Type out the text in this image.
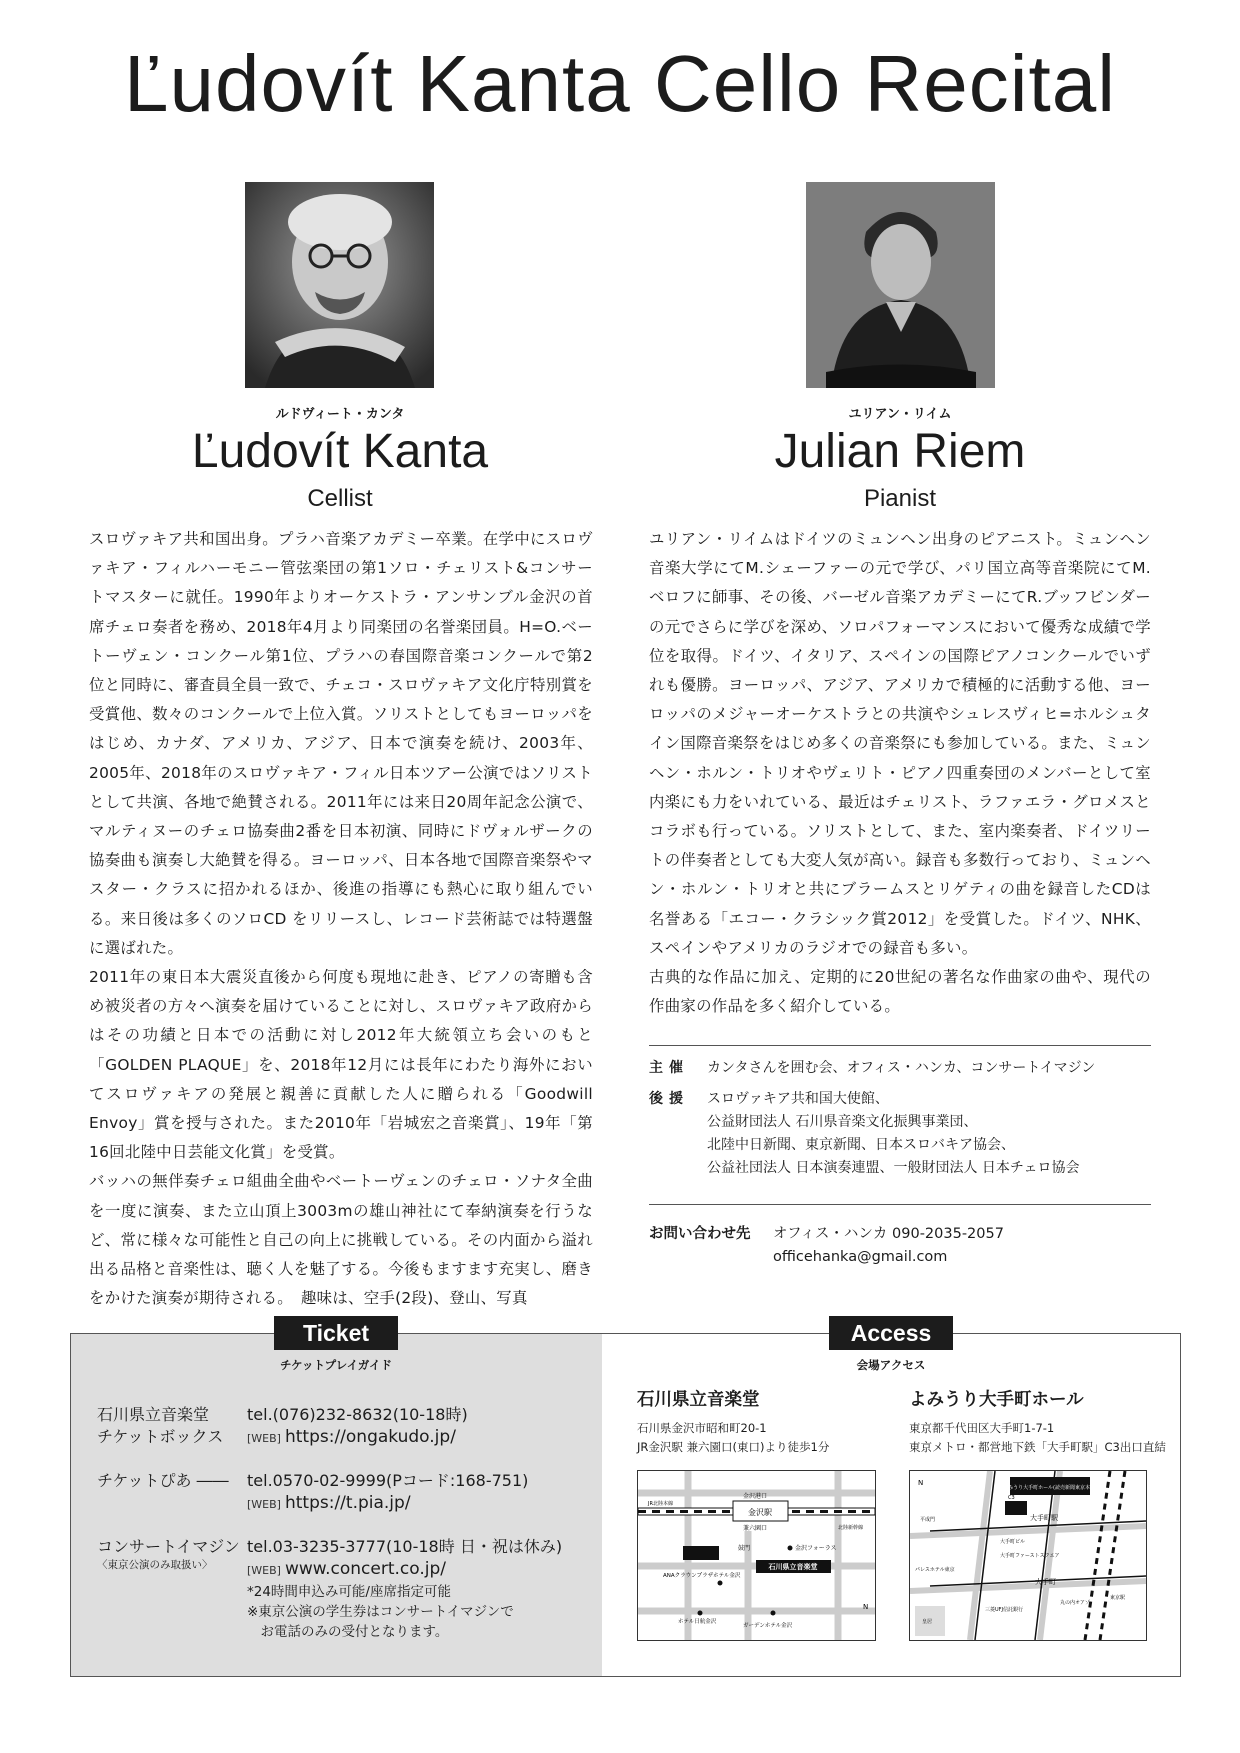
Ľudovít Kanta Cello Recital
ルドヴィート・カンタ
Ľudovít Kanta
Cellist
ユリアン・リイム
Julian Riem
Pianist

スロヴァキア共和国出身。プラハ音楽アカデミー卒業。在学中にスロヴァキア・フィルハーモニー管弦楽団の第1ソロ・チェリスト&コンサートマスターに就任。1990年よりオーケストラ・アンサンブル金沢の首席チェロ奏者を務め、2018年4月より同楽団の名誉楽団員。H=O.ベートーヴェン・コンクール第1位、プラハの春国際音楽コンクールで第2位と同時に、審査員全員一致で、チェコ・スロヴァキア文化庁特別賞を受賞他、数々のコンクールで上位入賞。ソリストとしてもヨーロッパをはじめ、カナダ、アメリカ、アジア、日本で演奏を続け、2003年、2005年、2018年のスロヴァキア・フィル日本ツアー公演ではソリストとして共演、各地で絶賛される。2011年には来日20周年記念公演で、マルティヌーのチェロ協奏曲2番を日本初演、同時にドヴォルザークの協奏曲も演奏し大絶賛を得る。ヨーロッパ、日本各地で国際音楽祭やマスター・クラスに招かれるほか、後進の指導にも熱心に取り組んでいる。来日後は多くのソロCD をリリースし、レコード芸術誌では特選盤に選ばれた。

2011年の東日本大震災直後から何度も現地に赴き、ピアノの寄贈も含め被災者の方々へ演奏を届けていることに対し、スロヴァキア政府からはその功績と日本での活動に対し2012年大統領立ち会いのもと「GOLDEN PLAQUE」を、2018年12月には長年にわたり海外においてスロヴァキアの発展と親善に貢献した人に贈られる「Goodwill Envoy」賞を授与された。また2010年「岩城宏之音楽賞」、19年「第16回北陸中日芸能文化賞」を受賞。

バッハの無伴奏チェロ組曲全曲やベートーヴェンのチェロ・ソナタ全曲を一度に演奏、また立山頂上3003mの雄山神社にて奉納演奏を行うなど、常に様々な可能性と自己の向上に挑戦している。その内面から溢れ出る品格と音楽性は、聴く人を魅了する。今後もますます充実し、磨きをかけた演奏が期待される。　趣味は、空手(2段)、登山、写真

ユリアン・リイムはドイツのミュンヘン出身のピアニスト。ミュンヘン音楽大学にてM.シェーファーの元で学び、パリ国立高等音楽院にてM.ベロフに師事、その後、バーゼル音楽アカデミーにてR.ブッフビンダーの元でさらに学びを深め、ソロパフォーマンスにおいて優秀な成績で学位を取得。ドイツ、イタリア、スペインの国際ピアノコンクールでいずれも優勝。ヨーロッパ、アジア、アメリカで積極的に活動する他、ヨーロッパのメジャーオーケストラとの共演やシュレスヴィヒ=ホルシュタイン国際音楽祭をはじめ多くの音楽祭にも参加している。また、ミュンヘン・ホルン・トリオやヴェリト・ピアノ四重奏団のメンバーとして室内楽にも力をいれている、最近はチェリスト、ラファエラ・グロメスとコラボも行っている。ソリストとして、また、室内楽奏者、ドイツリートの伴奏者としても大変人気が高い。録音も多数行っており、ミュンヘン・ホルン・トリオと共にブラームスとリゲティの曲を録音したCDは名誉ある「エコー・クラシック賞2012」を受賞した。ドイツ、NHK、スペインやアメリカのラジオでの録音も多い。

古典的な作品に加え、定期的に20世紀の著名な作曲家の曲や、現代の作曲家の作品を多く紹介している。

主催	カンタさんを囲む会、オフィス・ハンカ、コンサートイマジン
後援	スロヴァキア共和国大使館、
公益財団法人 石川県音楽文化振興事業団、
北陸中日新聞、東京新聞、日本スロバキア協会、
公益社団法人 日本演奏連盟、一般財団法人 日本チェロ協会
お問い合わせ先	オフィス・ハンカ 090-2035-2057
officehanka@gmail.com
Ticket
チケットプレイガイド
Access
会場アクセス
石川県立音楽堂
チケットボックス
tel.(076)232-8632(10-18時)
[WEB] https://ongakudo.jp/
チケットぴあ ――	tel.0570-02-9999(Pコード:168-751)
[WEB] https://t.pia.jp/
コンサートイマジン
〈東京公演のみ取扱い〉
tel.03-3235-3777(10-18時 日・祝は休み)
[WEB] www.concert.co.jp/
*24時間申込み可能/座席指定可能
※東京公演の学生券はコンサートイマジンで
　お電話のみの受付となります。
石川県立音楽堂
石川県金沢市昭和町20-1
JR金沢駅 兼六園口(東口)より徒歩1分
よみうり大手町ホール
東京都千代田区大手町1-7-1
東京メトロ・都営地下鉄「大手町駅」C3出口直結
金沢駅
JR北陸本線
金沢港口
兼六園口	北陸新幹線
石川県立音楽堂
鼓門	金沢フォーラス
ANAクラウンプラザホテル金沢
ホテル日航金沢
ガーデンホテル金沢
N
よみうり大手町ホール(読売新聞東京本社)
C3
大手町駅
平成門
大手町ビル
大手町ファーストスクエア
パレスホテル東京
大手町
三菱UFJ信託銀行
丸の内オアゾ
東京駅
皇居
N
